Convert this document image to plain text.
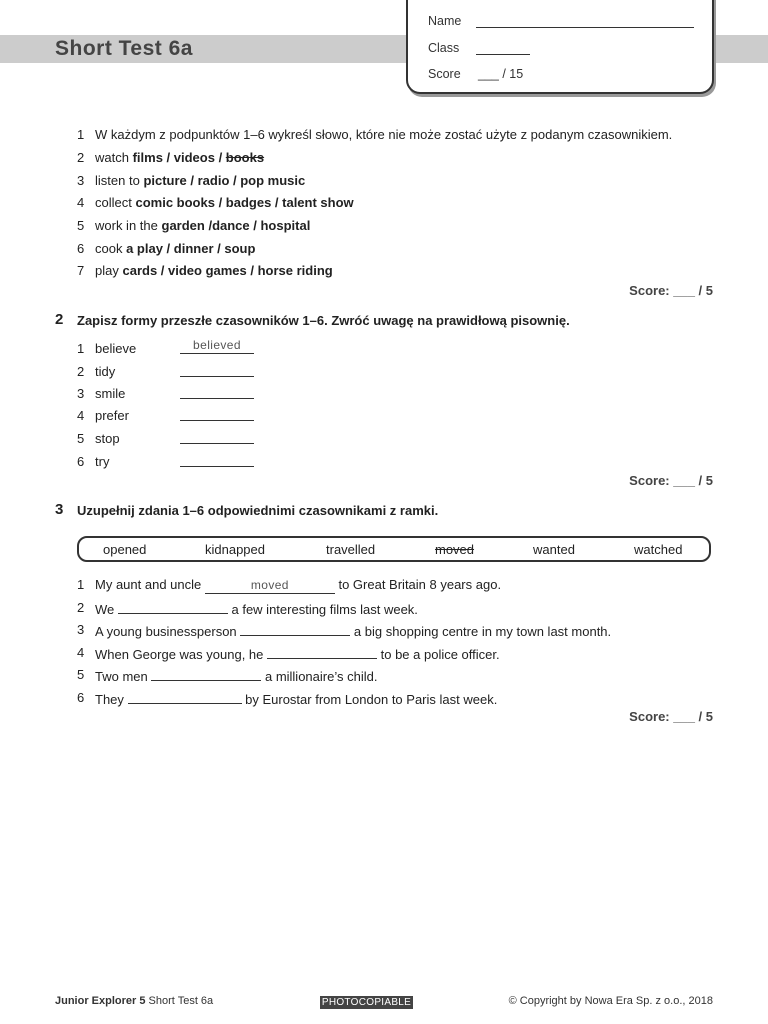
Short Test 6a
Name
Class
Score ___ / 15
1 W każdym z podpunktów 1–6 wykreśl słowo, które nie może zostać użyte z podanym czasownikiem.
2 watch films / videos / books
3 listen to picture / radio / pop music
4 collect comic books / badges / talent show
5 work in the garden /dance / hospital
6 cook a play / dinner / soup
7 play cards / video games / horse riding
Score: ___ / 5
2 Zapisz formy przeszłe czasowników 1–6. Zwróć uwagę na prawidłową pisownię.
1 believe	believed
2 tidy
3 smile
4 prefer
5 stop
6 try
Score: ___ / 5
3 Uzupełnij zdania 1–6 odpowiednimi czasownikami z ramki.
opened	kidnapped	travelled	moved	wanted	watched
1 My aunt and uncle	moved	to Great Britain 8 years ago.
2 We	a few interesting films last week.
3 A young businessperson	a big shopping centre in my town last month.
4 When George was young, he	to be a police officer.
5 Two men	a millionaire’s child.
6 They	by Eurostar from London to Paris last week.
Score: ___ / 5
Junior Explorer 5 Short Test 6a	PHOTOCOPIABLE	© Copyright by Nowa Era Sp. z o.o., 2018
